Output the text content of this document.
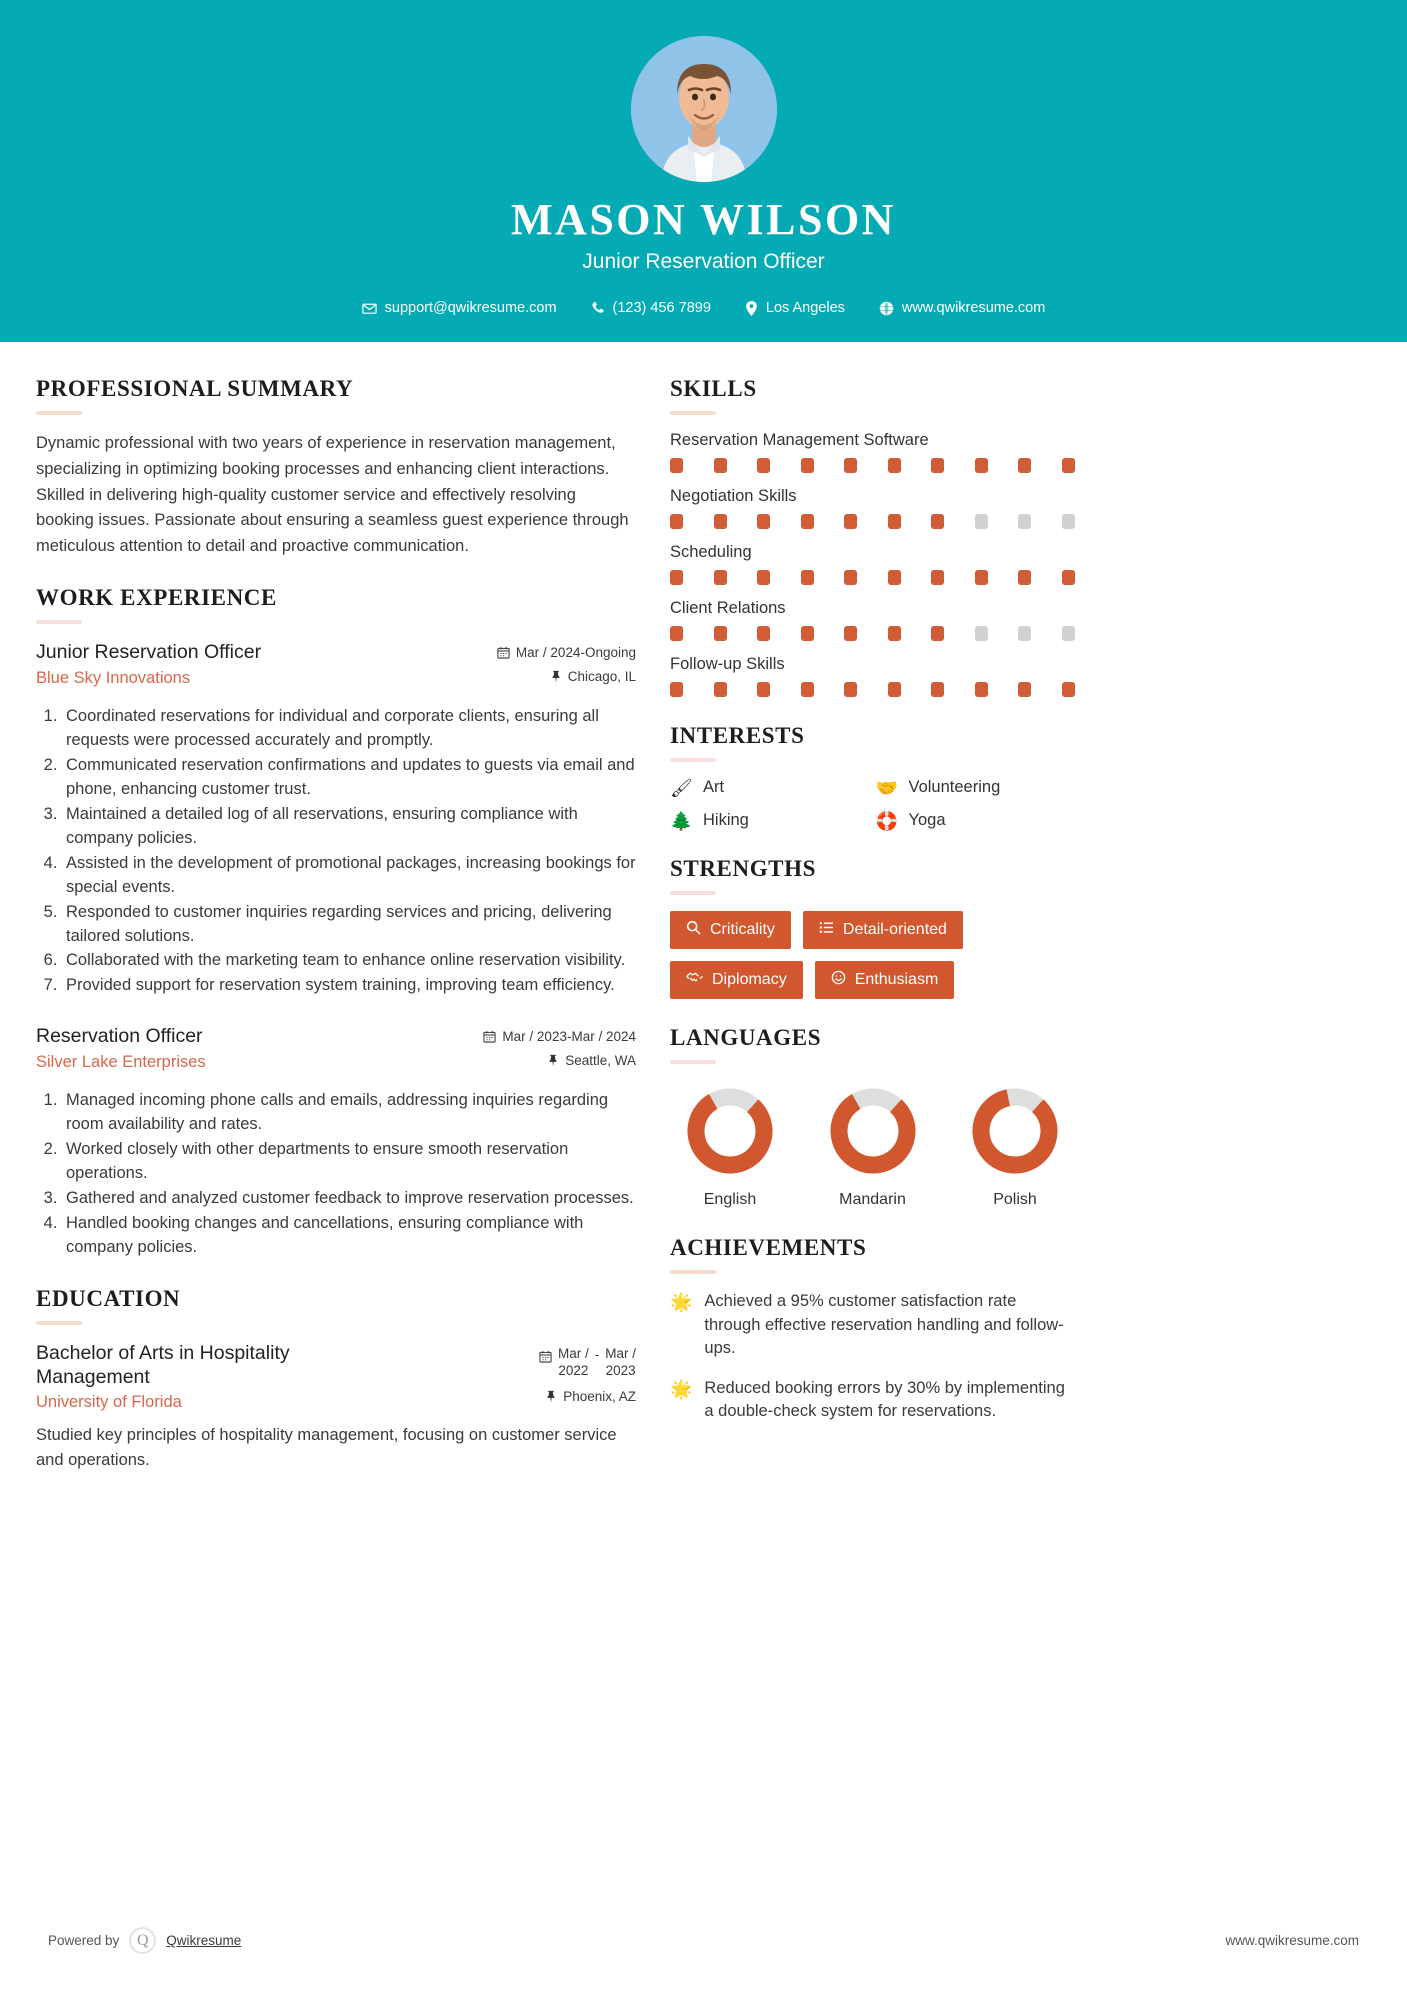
MASON WILSON
Junior Reservation Officer
support@qwikresume.com	(123) 456 7899	Los Angeles	www.qwikresume.com
PROFESSIONAL SUMMARY
Dynamic professional with two years of experience in reservation management, specializing in optimizing booking processes and enhancing client interactions. Skilled in delivering high-quality customer service and effectively resolving booking issues. Passionate about ensuring a seamless guest experience through meticulous attention to detail and proactive communication.
WORK EXPERIENCE
Junior Reservation Officer
Blue Sky Innovations
Mar / 2024-Ongoing
Chicago, IL
1. Coordinated reservations for individual and corporate clients, ensuring all requests were processed accurately and promptly.
2. Communicated reservation confirmations and updates to guests via email and phone, enhancing customer trust.
3. Maintained a detailed log of all reservations, ensuring compliance with company policies.
4. Assisted in the development of promotional packages, increasing bookings for special events.
5. Responded to customer inquiries regarding services and pricing, delivering tailored solutions.
6. Collaborated with the marketing team to enhance online reservation visibility.
7. Provided support for reservation system training, improving team efficiency.
Reservation Officer
Silver Lake Enterprises
Mar / 2023-Mar / 2024
Seattle, WA
1. Managed incoming phone calls and emails, addressing inquiries regarding room availability and rates.
2. Worked closely with other departments to ensure smooth reservation operations.
3. Gathered and analyzed customer feedback to improve reservation processes.
4. Handled booking changes and cancellations, ensuring compliance with company policies.
EDUCATION
Bachelor of Arts in Hospitality Management
University of Florida
Mar /
2022
- Mar /
2023
Phoenix, AZ
Studied key principles of hospitality management, focusing on customer service and operations.
SKILLS
Reservation Management Software
Negotiation Skills
Scheduling
Client Relations
Follow-up Skills
INTERESTS
🖌 Art	🤝 Volunteering
🌲 Hiking	🛟 Yoga
STRENGTHS
Criticality	Detail-oriented
Diplomacy	Enthusiasm
LANGUAGES
English	Mandarin	Polish
ACHIEVEMENTS
🌟 Achieved a 95% customer satisfaction rate through effective reservation handling and follow-ups.
🌟 Reduced booking errors by 30% by implementing a double-check system for reservations.
Powered by	Q	Qwikresume	www.qwikresume.com
